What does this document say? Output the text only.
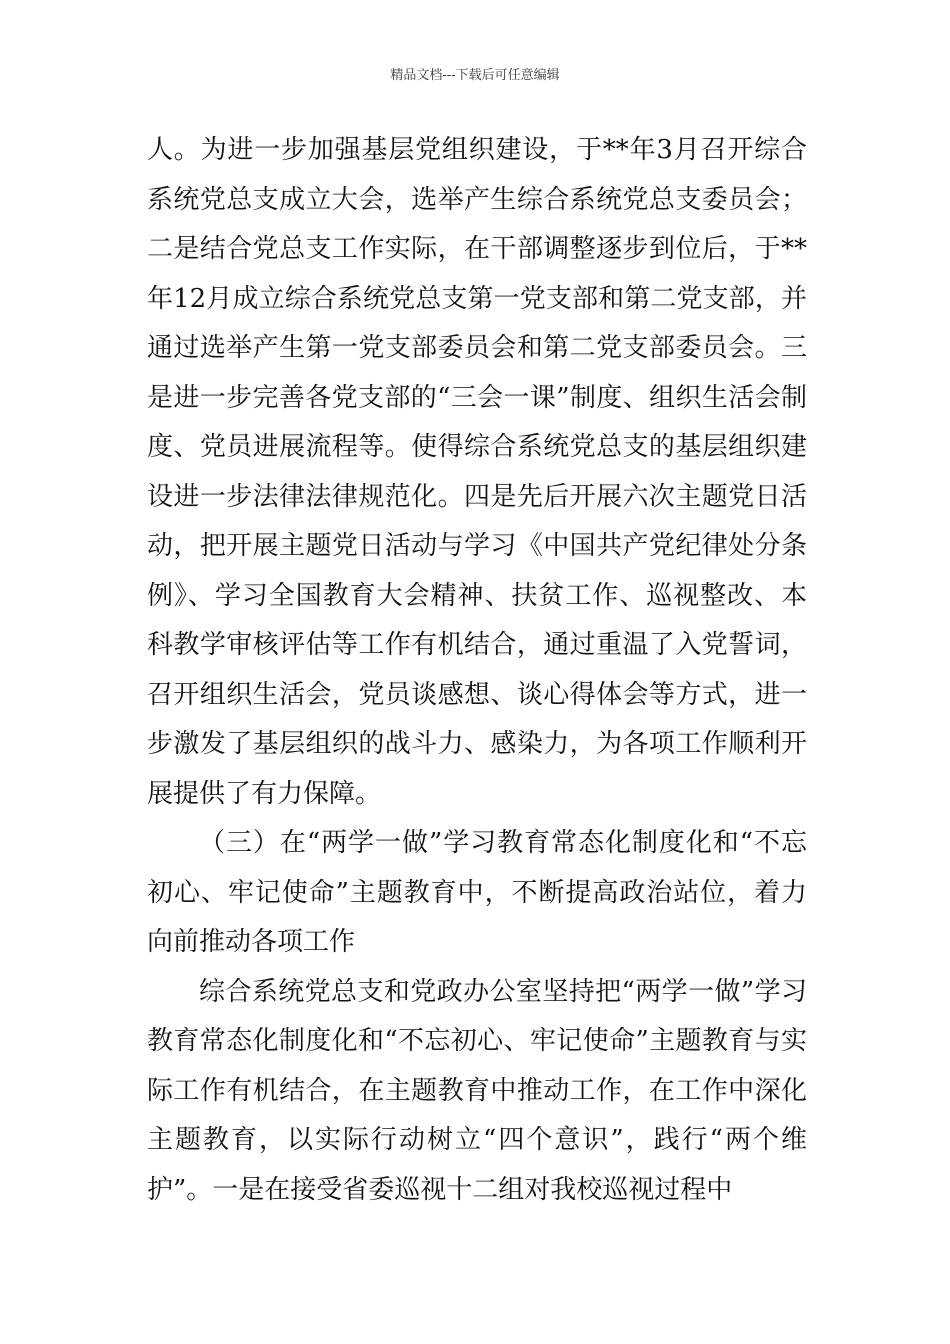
精品文档---下载后可任意编辑

人。为进一步加强基层党组织建设，于**年3月召开综合系统党总支成立大会，选举产生综合系统党总支委员会；二是结合党总支工作实际，在干部调整逐步到位后，于**年12月成立综合系统党总支第一党支部和第二党支部，并通过选举产生第一党支部委员会和第二党支部委员会。三是进一步完善各党支部的“三会一课”制度、组织生活会制度、党员进展流程等。使得综合系统党总支的基层组织建设进一步法律法律规范化。四是先后开展六次主题党日活动，把开展主题党日活动与学习《中国共产党纪律处分条例》、学习全国教育大会精神、扶贫工作、巡视整改、本科教学审核评估等工作有机结合，通过重温了入党誓词，召开组织生活会，党员谈感想、谈心得体会等方式，进一步激发了基层组织的战斗力、感染力，为各项工作顺利开展提供了有力保障。

（三）在“两学一做”学习教育常态化制度化和“不忘初心、牢记使命”主题教育中，不断提高政治站位，着力向前推动各项工作

综合系统党总支和党政办公室坚持把“两学一做”学习教育常态化制度化和“不忘初心、牢记使命”主题教育与实际工作有机结合，在主题教育中推动工作，在工作中深化主题教育，以实际行动树立“四个意识”，践行“两个维护”。一是在接受省委巡视十二组对我校巡视过程中
